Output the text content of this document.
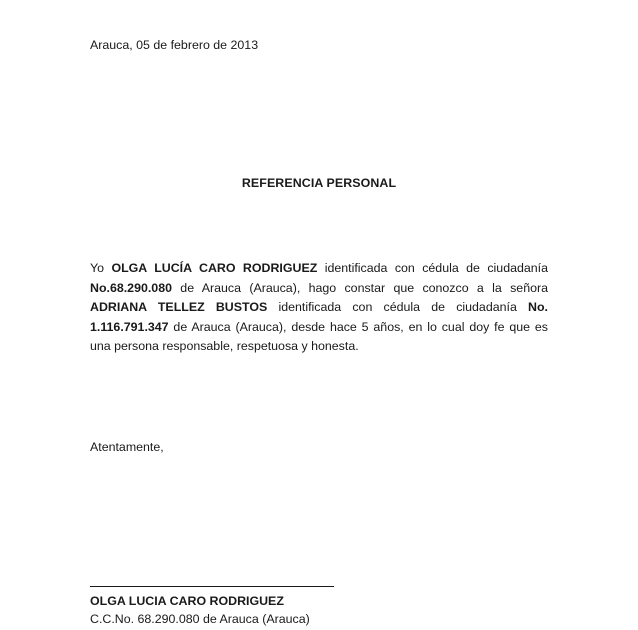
Arauca, 05 de febrero de 2013
REFERENCIA PERSONAL
Yo OLGA LUCÍA CARO RODRIGUEZ identificada con cédula de ciudadanía No.68.290.080 de Arauca (Arauca), hago constar que conozco a la señora ADRIANA TELLEZ BUSTOS identificada con cédula de ciudadanía No. 1.116.791.347 de Arauca (Arauca), desde hace 5 años, en lo cual doy fe que es una persona responsable, respetuosa y honesta.
Atentamente,
OLGA LUCIA CARO RODRIGUEZ
C.C.No. 68.290.080 de Arauca (Arauca)
